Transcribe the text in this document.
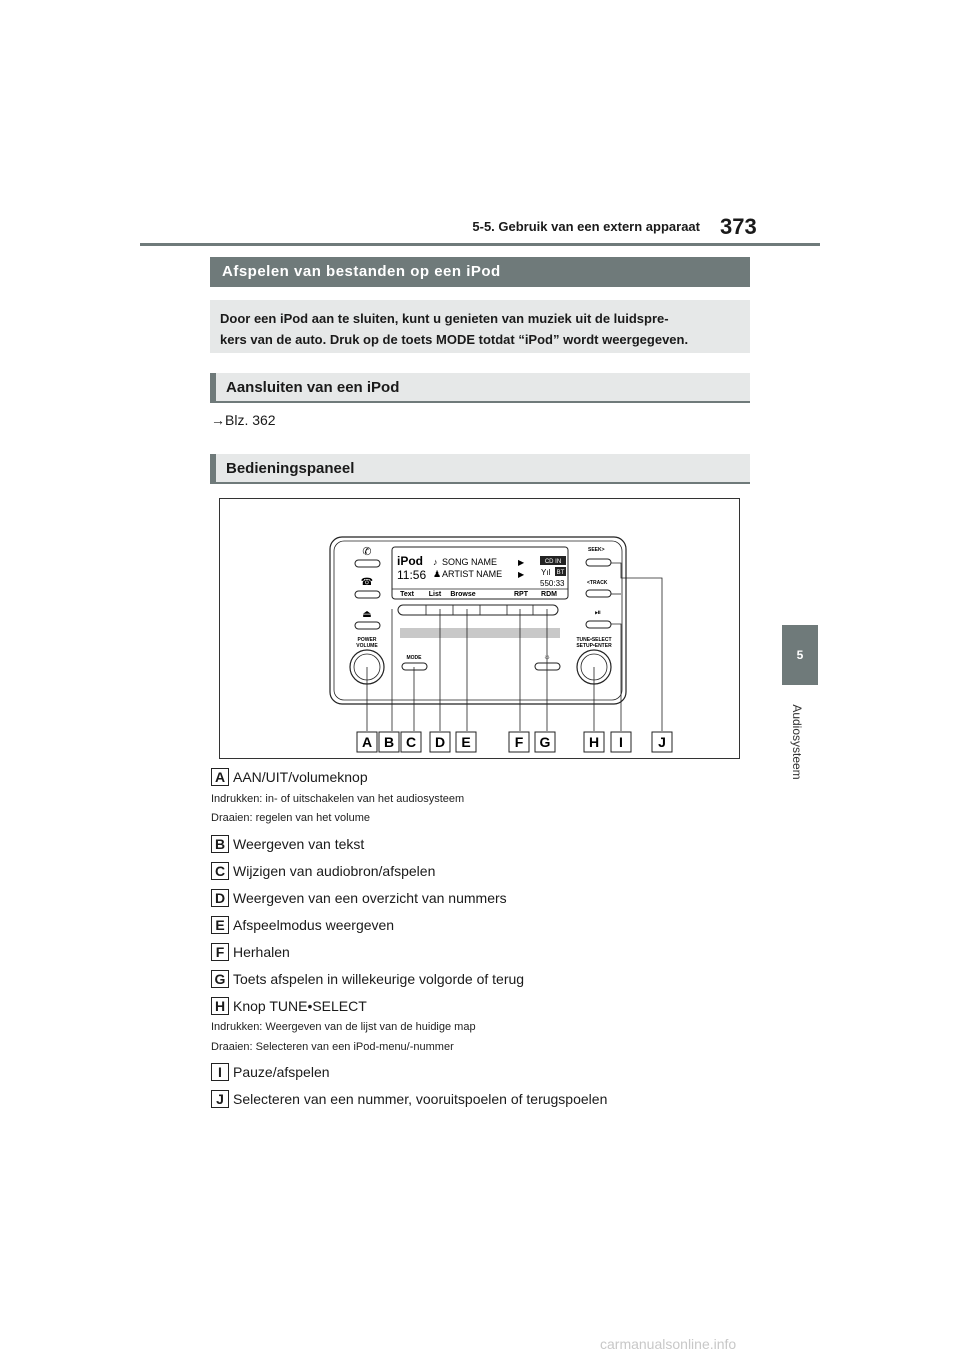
5-5. Gebruik van een extern apparaat 373
5
Audiosysteem
Afspelen van bestanden op een iPod
Door een iPod aan te sluiten, kunt u genieten van muziek uit de luidspre-
kers van de auto. Druk op de toets MODE totdat “iPod” wordt weergegeven.
Aansluiten van een iPod
→Blz. 362
Bedieningspaneel
✆
☎
⏏
iPod
11:56
♪ SONG NAME
♟ ARTIST NAME
▶
▶
CD IN
Yıl BT
550:33
Text List Browse	RPT RDM
POWER
VOLUME
MODE	☼
SEEK>
<TRACK
⏯
TUNE•SELECT
SETUP•ENTER
A B C D E	F G	H I	J
A AAN/UIT/volumeknop
Indrukken: in- of uitschakelen van het audiosysteem
Draaien: regelen van het volume
B Weergeven van tekst
C Wijzigen van audiobron/afspelen
D Weergeven van een overzicht van nummers
E Afspeelmodus weergeven
F Herhalen
G Toets afspelen in willekeurige volgorde of terug
H Knop TUNE•SELECT
Indrukken: Weergeven van de lijst van de huidige map
Draaien: Selecteren van een iPod-menu/-nummer
I Pauze/afspelen
J Selecteren van een nummer, vooruitspoelen of terugspoelen
carmanualsonline.info
